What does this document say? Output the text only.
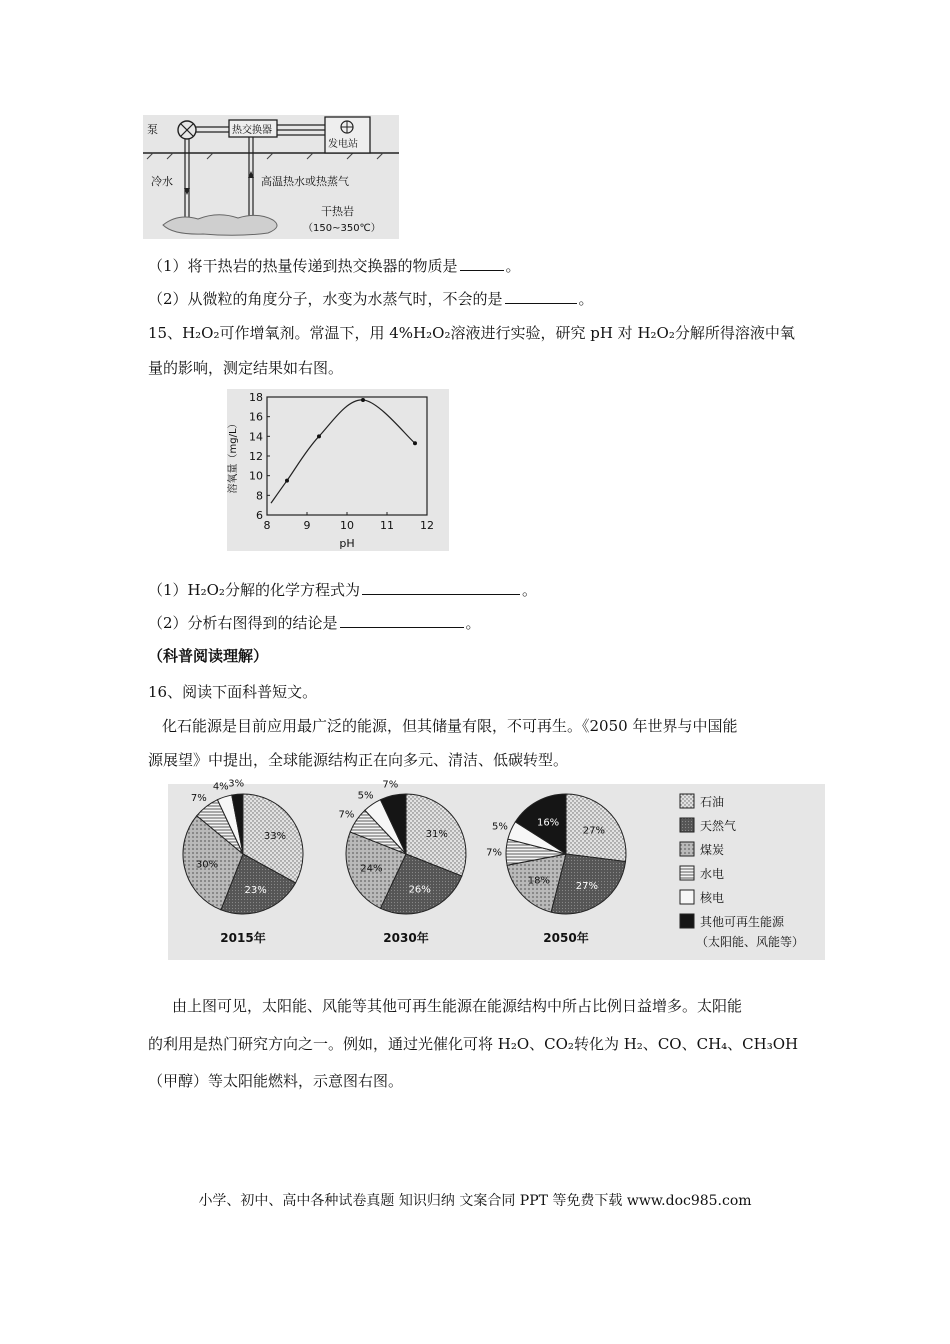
泵	热交换器
发电站
冷水	高温热水或热蒸气
干热岩
（150~350℃）
（1）将干热岩的热量传递到热交换器的物质是	。
（2）从微粒的角度分子，水变为水蒸气时，不会的是	。
15、H₂O₂可作增氧剂。常温下，用 4%H₂O₂溶液进行实验，研究 pH 对 H₂O₂分解所得溶液中氧
量的影响，测定结果如右图。
6
8
10
12
14
16
18
8	9	10 11 12
pH
溶氧量（mg/L）
（1）H₂O₂分解的化学方程式为	。
（2）分析右图得到的结论是	。
（科普阅读理解）
16、阅读下面科普短文。
化石能源是目前应用最广泛的能源，但其储量有限，不可再生。《2050 年世界与中国能
源展望》中提出，全球能源结构正在向多元、清洁、低碳转型。
33%
23%
30%
7%
4% 3%
2015年
31%
26%
24%
7%
5%
7%
2030年
27%
27%
18%
7%
5%	16%
2050年
石油
天然气
煤炭
水电
核电
其他可再生能源
（太阳能、风能等）
由上图可见，太阳能、风能等其他可再生能源在能源结构中所占比例日益增多。太阳能
的利用是热门研究方向之一。例如，通过光催化可将 H₂O、CO₂转化为 H₂、CO、CH₄、CH₃OH
（甲醇）等太阳能燃料，示意图右图。
小学、初中、高中各种试卷真题 知识归纳 文案合同 PPT 等免费下载 www.doc985.com
